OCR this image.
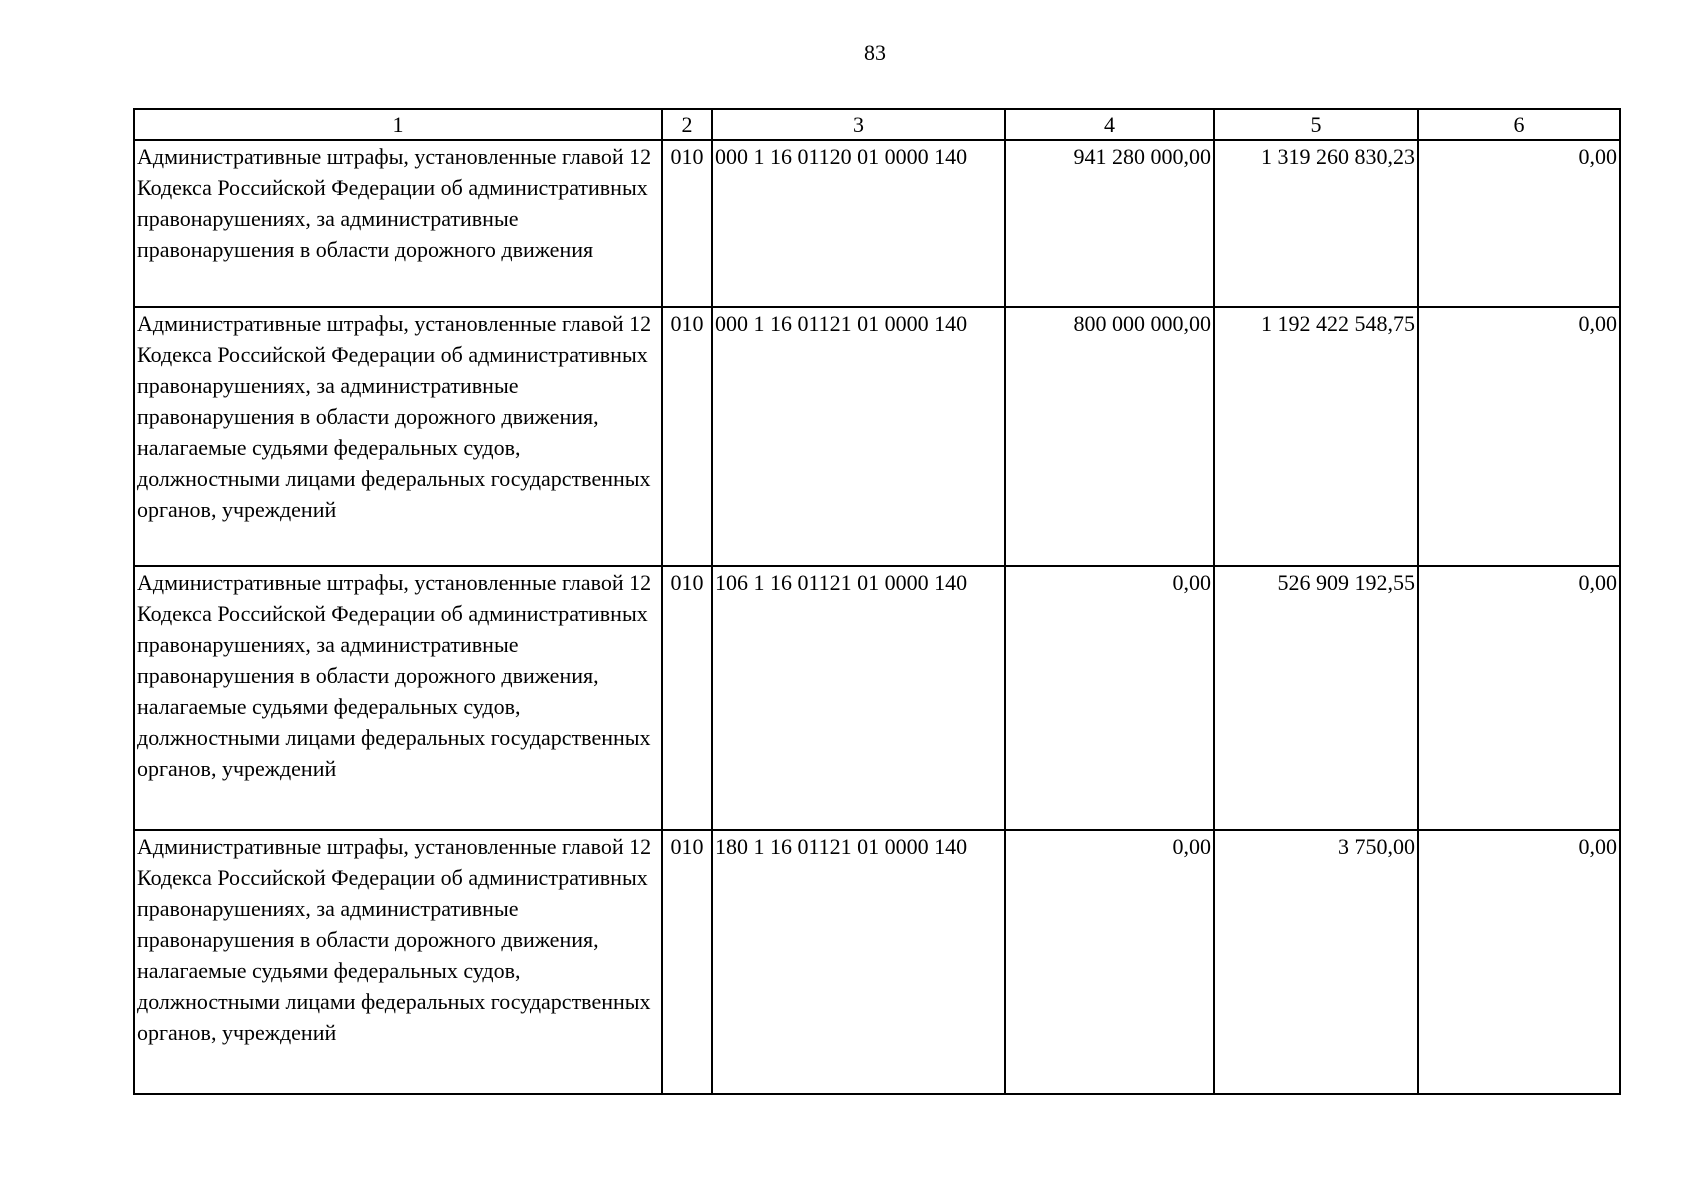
83
1	2	3	4	5	6
Административные штрафы, установленные главой 12 Кодекса Российской Федерации об административных правонарушениях, за административные правонарушения в области дорожного движения	010	000 1 16 01120 01 0000 140	941 280 000,00	1 319 260 830,23	0,00
Административные штрафы, установленные главой 12 Кодекса Российской Федерации об административных правонарушениях, за административные правонарушения в области дорожного движения, налагаемые судьями федеральных судов, должностными лицами федеральных государственных органов, учреждений	010	000 1 16 01121 01 0000 140	800 000 000,00	1 192 422 548,75	0,00
Административные штрафы, установленные главой 12 Кодекса Российской Федерации об административных правонарушениях, за административные правонарушения в области дорожного движения, налагаемые судьями федеральных судов, должностными лицами федеральных государственных органов, учреждений	010	106 1 16 01121 01 0000 140	0,00	526 909 192,55	0,00
Административные штрафы, установленные главой 12 Кодекса Российской Федерации об административных правонарушениях, за административные правонарушения в области дорожного движения, налагаемые судьями федеральных судов, должностными лицами федеральных государственных органов, учреждений	010	180 1 16 01121 01 0000 140	0,00	3 750,00	0,00
